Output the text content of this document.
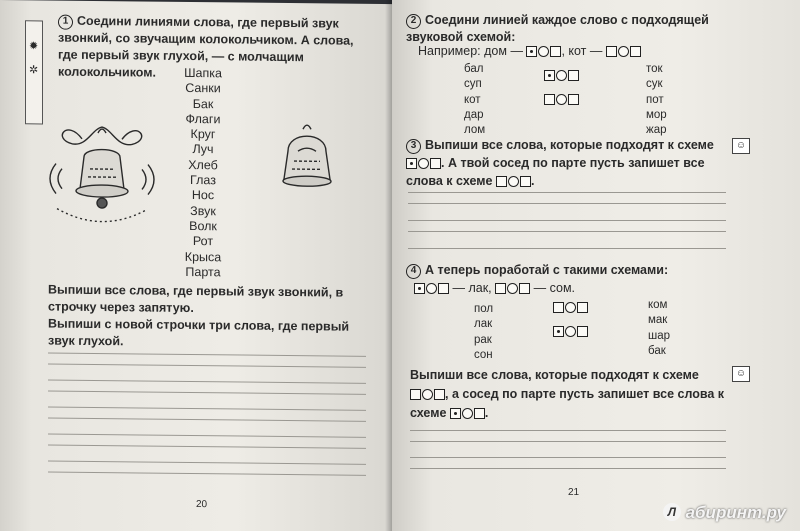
✹
✲
1 Соедини линиями слова, где первый звук звонкий, со звучащим колокольчиком. А слова, где первый звук глухой, — с молчащим колокольчиком.	Шапка
Санки
Бак
Флаги
Круг
Луч
Хлеб
Глаз
Нос
Звук
Волк
Рот
Крыса
Парта
Выпиши все слова, где первый звук звонкий, в строчку через запятую.
Выпиши с новой строчки три слова, где первый звук глухой.
20
2 Соедини линией каждое слово с подходящей звуковой схемой:
Например: дом —	, кот —
бал
суп
кот
дар
лом
ток
сук
пот
мор
жар
3 Выпиши все слова, которые подходят к схеме
. А твой сосед по парте пусть запишет все слова к схеме	.
☺
4 А теперь поработай с такими схемами:
— лак,	— сом.
пол
лак
рак
сон
ком
мак
шар
бак
Выпиши все слова, которые подходят к схеме
, а сосед по парте пусть запишет все слова к схеме	.
☺
21
Л абиринт.ру
